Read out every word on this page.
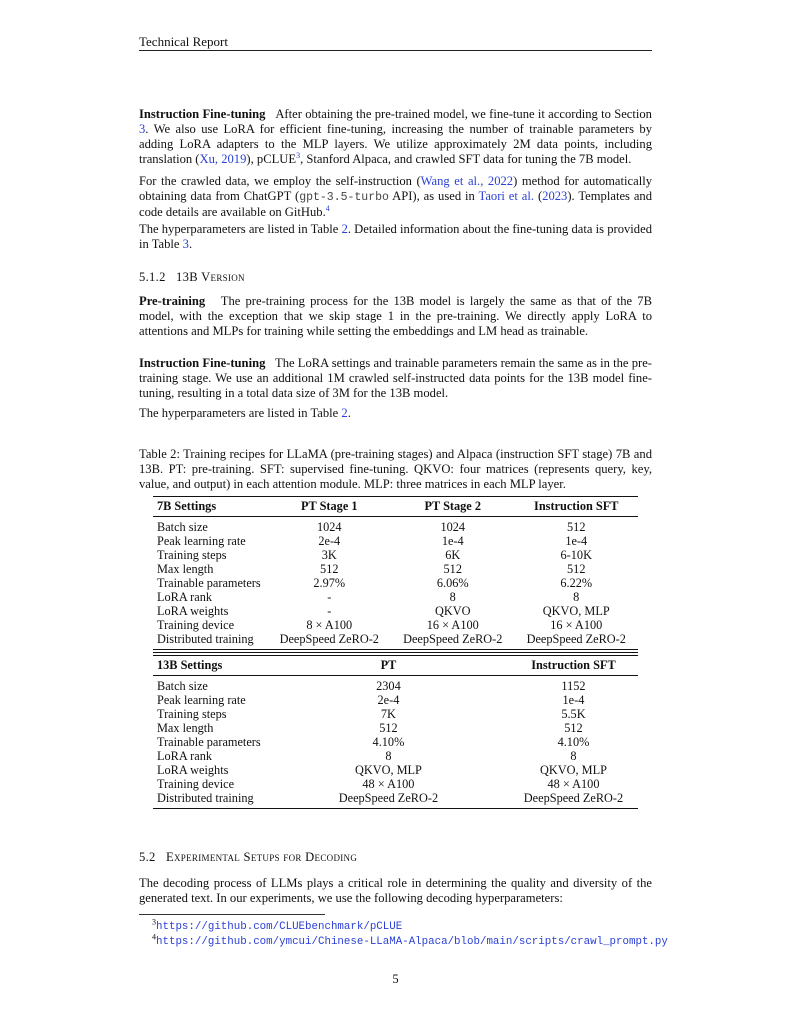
Technical Report
Instruction Fine-tuning After obtaining the pre-trained model, we fine-tune it according to Section 3. We also use LoRA for efficient fine-tuning, increasing the number of trainable parameters by adding LoRA adapters to the MLP layers. We utilize approximately 2M data points, including translation (Xu, 2019), pCLUE$^3$, Stanford Alpaca, and crawled SFT data for tuning the 7B model.
For the crawled data, we employ the self-instruction (Wang et al., 2022) method for automatically obtaining data from ChatGPT (gpt-3.5-turbo API), as used in Taori et al. (2023). Templates and code details are available on GitHub.$^4$
The hyperparameters are listed in Table 2. Detailed information about the fine-tuning data is provided in Table 3.
5.1.2 13B Version
Pre-training The pre-training process for the 13B model is largely the same as that of the 7B model, with the exception that we skip stage 1 in the pre-training. We directly apply LoRA to attentions and MLPs for training while setting the embeddings and LM head as trainable.
Instruction Fine-tuning The LoRA settings and trainable parameters remain the same as in the pre-training stage. We use an additional 1M crawled self-instructed data points for the 13B model fine-tuning, resulting in a total data size of 3M for the 13B model.
The hyperparameters are listed in Table 2.
Table 2: Training recipes for LLaMA (pre-training stages) and Alpaca (instruction SFT stage) 7B and 13B. PT: pre-training. SFT: supervised fine-tuning. QKVO: four matrices (represents query, key, value, and output) in each attention module. MLP: three matrices in each MLP layer.
7B Settings	PT Stage 1	PT Stage 2	Instruction SFT
Batch size	1024	1024	512
Peak learning rate	2e-4	1e-4	1e-4
Training steps	3K	6K	6-10K
Max length	512	512	512
Trainable parameters	2.97%	6.06%	6.22%
LoRA rank	-	8	8
LoRA weights	-	QKVO	QKVO, MLP
Training device	8 × A100	16 × A100	16 × A100
Distributed training	DeepSpeed ZeRO-2	DeepSpeed ZeRO-2	DeepSpeed ZeRO-2
13B Settings	PT	Instruction SFT
Batch size	2304	1152
Peak learning rate	2e-4	1e-4
Training steps	7K	5.5K
Max length	512	512
Trainable parameters	4.10%	4.10%
LoRA rank	8	8
LoRA weights	QKVO, MLP	QKVO, MLP
Training device	48 × A100	48 × A100
Distributed training	DeepSpeed ZeRO-2	DeepSpeed ZeRO-2
5.2 Experimental Setups for Decoding
The decoding process of LLMs plays a critical role in determining the quality and diversity of the generated text. In our experiments, we use the following decoding hyperparameters:
$^3$https://github.com/CLUEbenchmark/pCLUE
$^4$https://github.com/ymcui/Chinese-LLaMA-Alpaca/blob/main/scripts/crawl_prompt.py
5
